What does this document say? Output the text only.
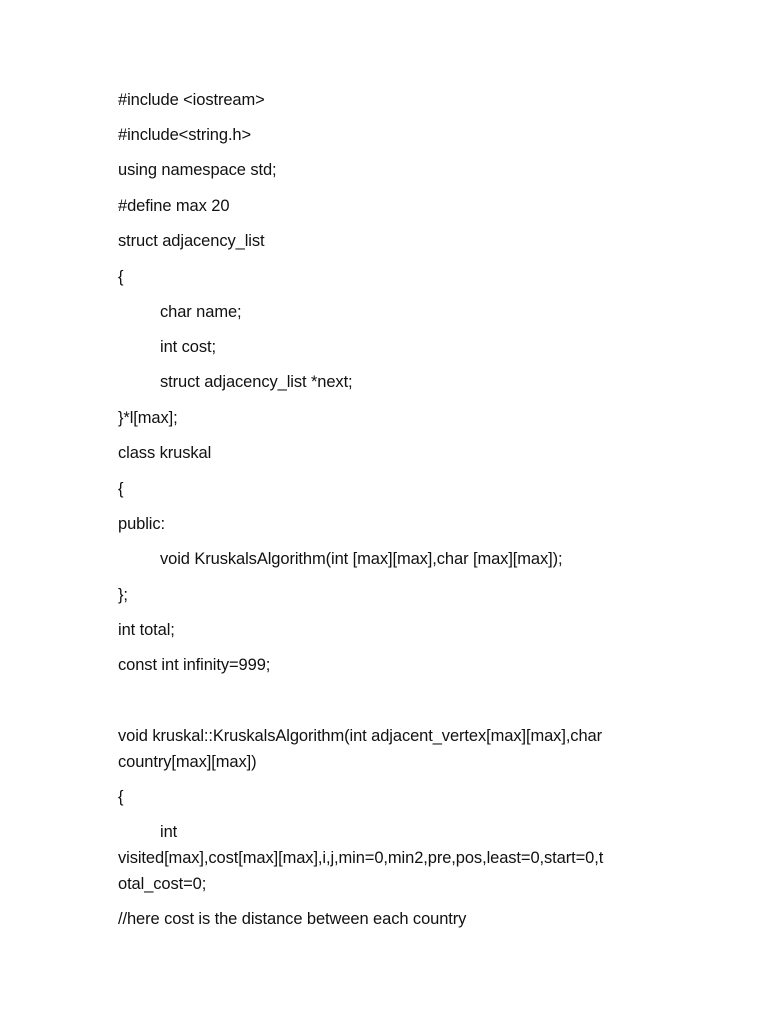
#include <iostream>
#include<string.h>
using namespace std;
#define max 20
struct adjacency_list
{
char name;
int cost;
struct adjacency_list *next;
}*l[max];
class kruskal
{
public:
void KruskalsAlgorithm(int [max][max],char [max][max]);
};
int total;
const int infinity=999;
void kruskal::KruskalsAlgorithm(int adjacent_vertex[max][max],char
country[max][max])
{
int
visited[max],cost[max][max],i,j,min=0,min2,pre,pos,least=0,start=0,t
otal_cost=0;
//here cost is the distance between each country
